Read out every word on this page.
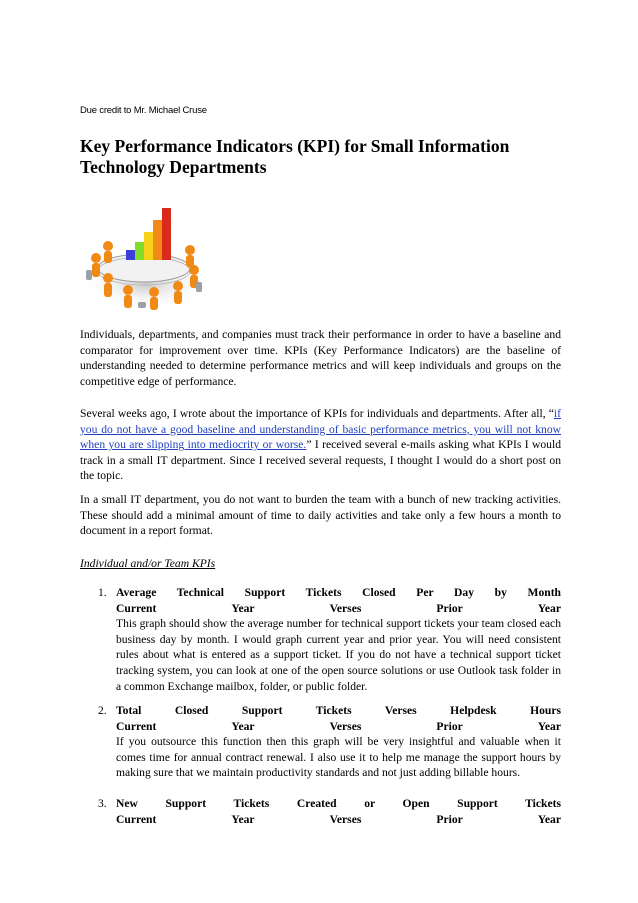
Due credit to Mr. Michael Cruse
Key Performance Indicators (KPI) for Small Information Technology Departments

Individuals, departments, and companies must track their performance in order to have a baseline and comparator for improvement over time. KPIs (Key Performance Indicators) are the baseline of understanding needed to determine performance metrics and will keep individuals and groups on the competitive edge of performance.

Several weeks ago, I wrote about the importance of KPIs for individuals and departments. After all, “if you do not have a good baseline and understanding of basic performance metrics, you will not know when you are slipping into mediocrity or worse.” I received several e-mails asking what KPIs I would track in a small IT department. Since I received several requests, I thought I would do a short post on the topic.

In a small IT department, you do not want to burden the team with a bunch of new tracking activities. These should add a minimal amount of time to daily activities and take only a few hours a month to document in a report format.

Individual and/or Team KPIs
1. Average Technical Support Tickets Closed Per Day by Month

Current	Year	Verses	Prior	Year

This graph should show the average number for technical support tickets your team closed each business day by month. I would graph current year and prior year. You will need consistent rules about what is entered as a support ticket. If you do not have a technical support ticket tracking system, you can look at one of the open source solutions or use Outlook task folder in a common Exchange mailbox, folder, or public folder.

2. Total Closed Support Tickets Verses Helpdesk Hours

Current	Year	Verses	Prior	Year

If you outsource this function then this graph will be very insightful and valuable when it comes time for annual contract renewal. I also use it to help me manage the support hours by making sure that we maintain productivity standards and not just adding billable hours.

3. New Support Tickets Created or Open Support Tickets

Current	Year	Verses	Prior	Year
